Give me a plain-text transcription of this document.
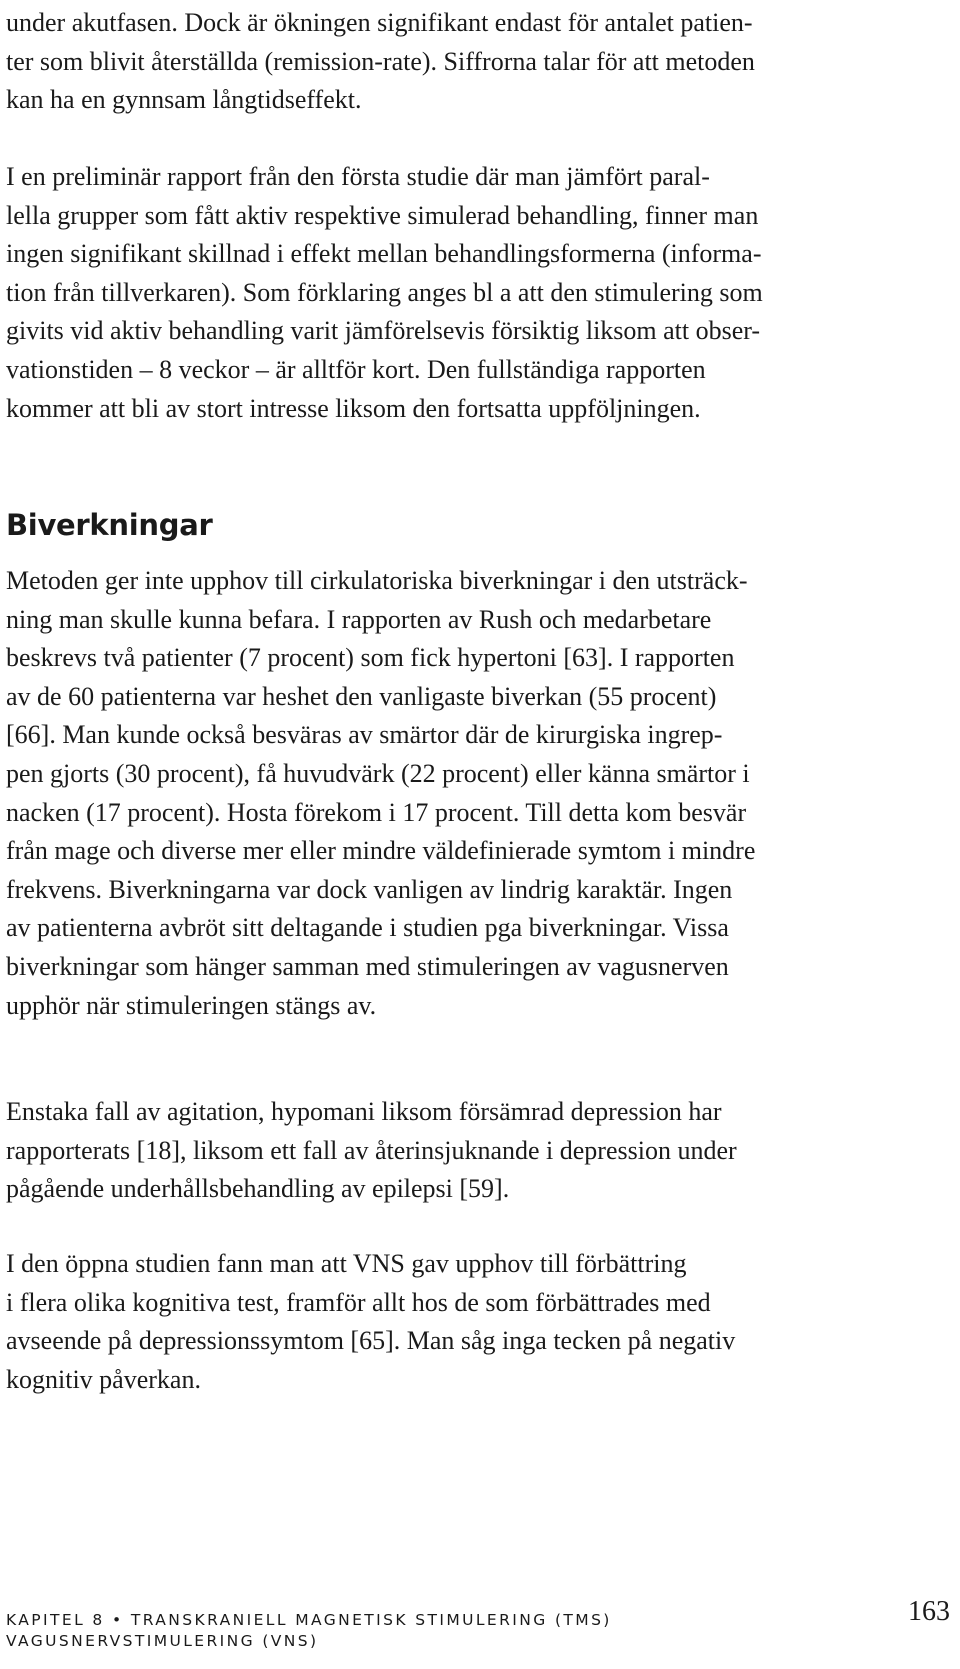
under akutfasen. Dock är ökningen signifikant endast för antalet patien-
ter som blivit återställda (remission-rate). Siffrorna talar för att metoden
kan ha en gynnsam långtidseffekt.

I en preliminär rapport från den första studie där man jämfört paral-
lella grupper som fått aktiv respektive simulerad behandling, finner man
ingen signifikant skillnad i effekt mellan behandlingsformerna (informa-
tion från tillverkaren). Som förklaring anges bl a att den stimulering som
givits vid aktiv behandling varit jämförelsevis försiktig liksom att obser-
vationstiden – 8 veckor – är alltför kort. Den fullständiga rapporten
kommer att bli av stort intresse liksom den fortsatta uppföljningen.

Biverkningar

Metoden ger inte upphov till cirkulatoriska biverkningar i den utsträck-
ning man skulle kunna befara. I rapporten av Rush och medarbetare
beskrevs två patienter (7 procent) som fick hypertoni [63]. I rapporten
av de 60 patienterna var heshet den vanligaste biverkan (55 procent)
[66]. Man kunde också besväras av smärtor där de kirurgiska ingrep-
pen gjorts (30 procent), få huvudvärk (22 procent) eller känna smärtor i
nacken (17 procent). Hosta förekom i 17 procent. Till detta kom besvär
från mage och diverse mer eller mindre väldefinierade symtom i mindre
frekvens. Biverkningarna var dock vanligen av lindrig karaktär. Ingen
av patienterna avbröt sitt deltagande i studien pga biverkningar. Vissa
biverkningar som hänger samman med stimuleringen av vagusnerven
upphör när stimuleringen stängs av.

Enstaka fall av agitation, hypomani liksom försämrad depression har
rapporterats [18], liksom ett fall av återinsjuknande i depression under
pågående underhållsbehandling av epilepsi [59].

I den öppna studien fann man att VNS gav upphov till förbättring
i flera olika kognitiva test, framför allt hos de som förbättrades med
avseende på depressionssymtom [65]. Man såg inga tecken på negativ
kognitiv påverkan.

KAPITEL 8 • TRANSKRANIELL MAGNETISK STIMULERING (TMS)
VAGUSNERVSTIMULERING (VNS)
163
